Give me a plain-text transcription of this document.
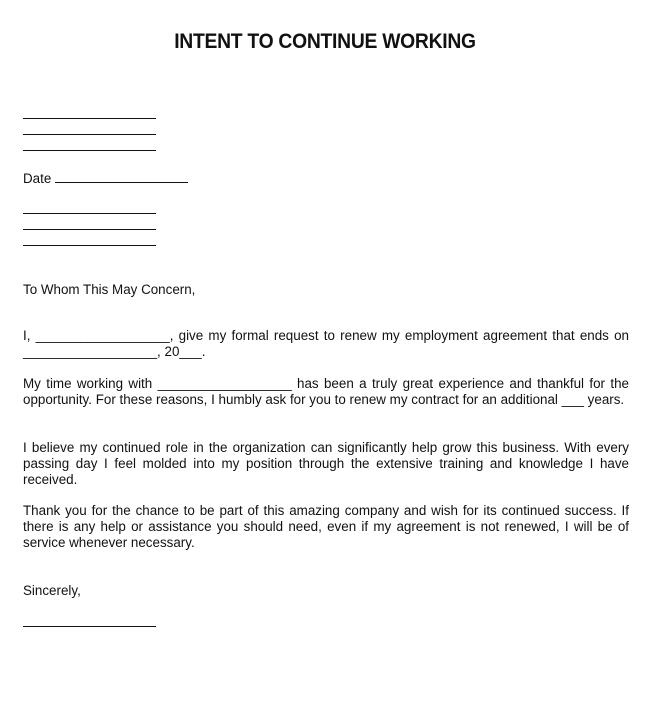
INTENT TO CONTINUE WORKING
Date
To Whom This May Concern,
I, __________________, give my formal request to renew my employment agreement that ends on __________________, 20___.
My time working with __________________ has been a truly great experience and thankful for the opportunity. For these reasons, I humbly ask for you to renew my contract for an additional ___ years.
I believe my continued role in the organization can significantly help grow this business. With every passing day I feel molded into my position through the extensive training and knowledge I have received.
Thank you for the chance to be part of this amazing company and wish for its continued success. If there is any help or assistance you should need, even if my agreement is not renewed, I will be of service whenever necessary.
Sincerely,
